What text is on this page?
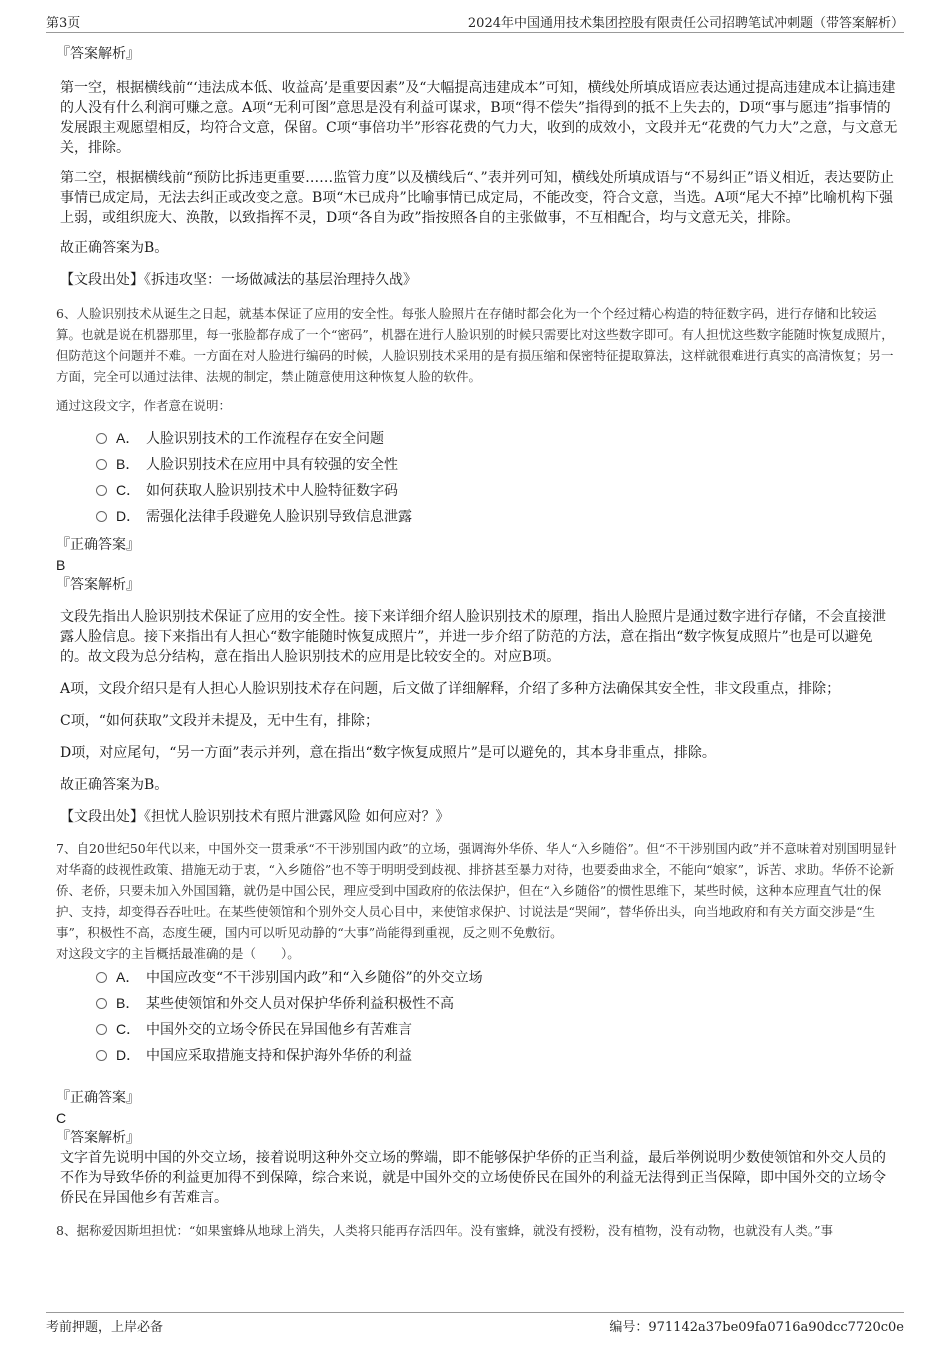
第3页	2024年中国通用技术集团控股有限责任公司招聘笔试冲刺题（带答案解析）

『答案解析』

第一空，根据横线前“‘违法成本低、收益高’是重要因素”及“大幅提高违建成本”可知，横线处所填成语应表达通过提高违建成本让搞违建的人没有什么利润可赚之意。A项“无利可图”意思是没有利益可谋求，B项“得不偿失”指得到的抵不上失去的，D项“事与愿违”指事情的发展跟主观愿望相反，均符合文意，保留。C项“事倍功半”形容花费的气力大，收到的成效小，文段并无“花费的气力大”之意，与文意无关，排除。

第二空，根据横线前“预防比拆违更重要……监管力度”以及横线后“、”表并列可知，横线处所填成语与“不易纠正”语义相近，表达要防止事情已成定局，无法去纠正或改变之意。B项“木已成舟”比喻事情已成定局，不能改变，符合文意，当选。A项“尾大不掉”比喻机构下强上弱，或组织庞大、涣散，以致指挥不灵，D项“各自为政”指按照各自的主张做事，不互相配合，均与文意无关，排除。

故正确答案为B。

【文段出处】《拆违攻坚：一场做减法的基层治理持久战》

6、人脸识别技术从诞生之日起，就基本保证了应用的安全性。每张人脸照片在存储时都会化为一个个经过精心构造的特征数字码，进行存储和比较运算。也就是说在机器那里，每一张脸都存成了一个“密码”，机器在进行人脸识别的时候只需要比对这些数字即可。有人担忧这些数字能随时恢复成照片，但防范这个问题并不难。一方面在对人脸进行编码的时候，人脸识别技术采用的是有损压缩和保密特征提取算法，这样就很难进行真实的高清恢复；另一方面，完全可以通过法律、法规的制定，禁止随意使用这种恢复人脸的软件。

通过这段文字，作者意在说明：

A． 人脸识别技术的工作流程存在安全问题
B． 人脸识别技术在应用中具有较强的安全性
C． 如何获取人脸识别技术中人脸特征数字码
D． 需强化法律手段避免人脸识别导致信息泄露

『正确答案』

B

『答案解析』

文段先指出人脸识别技术保证了应用的安全性。接下来详细介绍人脸识别技术的原理，指出人脸照片是通过数字进行存储，不会直接泄露人脸信息。接下来指出有人担心“数字能随时恢复成照片”，并进一步介绍了防范的方法，意在指出“数字恢复成照片”也是可以避免的。故文段为总分结构，意在指出人脸识别技术的应用是比较安全的。对应B项。

A项，文段介绍只是有人担心人脸识别技术存在问题，后文做了详细解释，介绍了多种方法确保其安全性，非文段重点，排除；

C项，“如何获取”文段并未提及，无中生有，排除；

D项，对应尾句，“另一方面”表示并列，意在指出“数字恢复成照片”是可以避免的，其本身非重点，排除。

故正确答案为B。

【文段出处】《担忧人脸识别技术有照片泄露风险 如何应对？》

7、自20世纪50年代以来，中国外交一贯秉承“不干涉别国内政”的立场，强调海外华侨、华人“入乡随俗”。但“不干涉别国内政”并不意味着对别国明显针对华裔的歧视性政策、措施无动于衷，“入乡随俗”也不等于明明受到歧视、排挤甚至暴力对待，也要委曲求全，不能向“娘家”，诉苦、求助。华侨不论新侨、老侨，只要未加入外国国籍，就仍是中国公民，理应受到中国政府的依法保护，但在“入乡随俗”的惯性思维下，某些时候，这种本应理直气壮的保护、支持，却变得吞吞吐吐。在某些使领馆和个别外交人员心目中，来使馆求保护、讨说法是“哭闹”，替华侨出头，向当地政府和有关方面交涉是“生事”，积极性不高，态度生硬，国内可以听见动静的“大事”尚能得到重视，反之则不免敷衍。

对这段文字的主旨概括最准确的是（　　）。

A． 中国应改变“不干涉别国内政”和“入乡随俗”的外交立场
B． 某些使领馆和外交人员对保护华侨利益积极性不高
C． 中国外交的立场令侨民在异国他乡有苦难言
D． 中国应采取措施支持和保护海外华侨的利益

『正确答案』

C

『答案解析』

文字首先说明中国的外交立场，接着说明这种外交立场的弊端，即不能够保护华侨的正当利益，最后举例说明少数使领馆和外交人员的不作为导致华侨的利益更加得不到保障，综合来说，就是中国外交的立场使侨民在国外的利益无法得到正当保障，即中国外交的立场令侨民在异国他乡有苦难言。

8、据称爱因斯坦担忧：“如果蜜蜂从地球上消失，人类将只能再存活四年。没有蜜蜂，就没有授粉，没有植物，没有动物，也就没有人类。”事

考前押题，上岸必备	编号：971142a37be09fa0716a90dcc7720c0e
